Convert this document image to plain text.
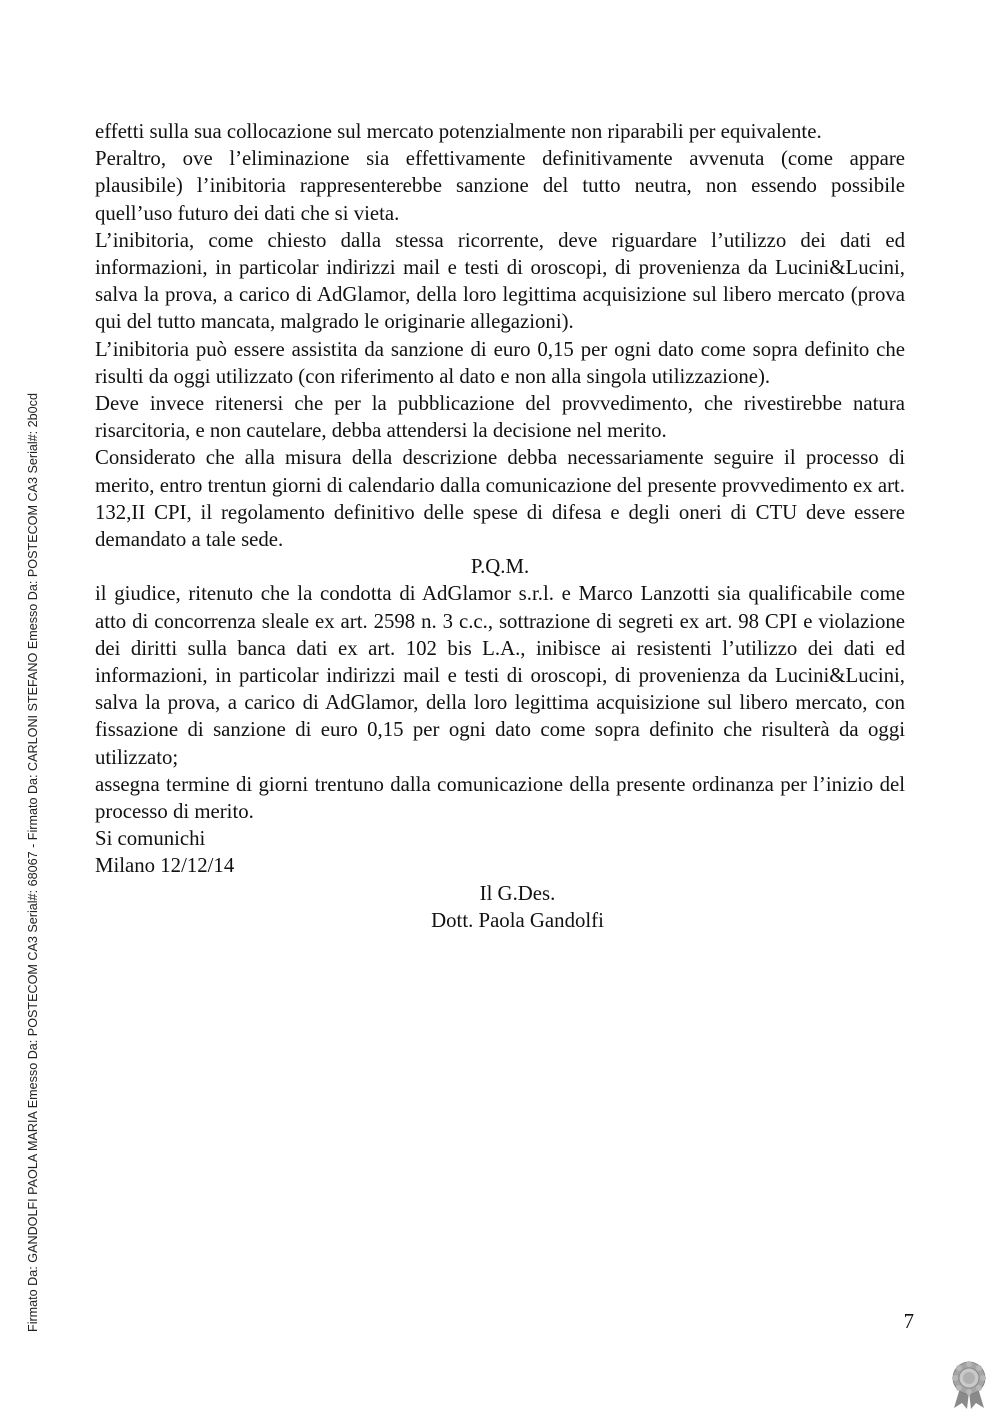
effetti sulla sua collocazione sul mercato potenzialmente non riparabili per equivalente.

Peraltro, ove l’eliminazione sia effettivamente definitivamente avvenuta (come appare plausibile) l’inibitoria rappresenterebbe sanzione del tutto neutra, non essendo possibile quell’uso futuro dei dati che si vieta.

L’inibitoria, come chiesto dalla stessa ricorrente, deve riguardare l’utilizzo dei dati ed informazioni, in particolar indirizzi mail e testi di oroscopi, di provenienza da Lucini&Lucini, salva la prova, a carico di AdGlamor, della loro legittima acquisizione sul libero mercato (prova qui del tutto mancata, malgrado le originarie allegazioni).

L’inibitoria può essere assistita da sanzione di euro 0,15 per ogni dato come sopra definito che risulti da oggi utilizzato (con riferimento al dato e non alla singola utilizzazione).

Deve invece ritenersi che per la pubblicazione del provvedimento, che rivestirebbe natura risarcitoria, e non cautelare, debba attendersi la decisione nel merito.

Considerato che alla misura della descrizione debba necessariamente seguire il processo di merito, entro trentun giorni di calendario dalla comunicazione del presente provvedimento ex art. 132,II CPI, il regolamento definitivo delle spese di difesa e degli oneri di CTU deve essere demandato a tale sede.

P.Q.M.

il giudice, ritenuto che la condotta di AdGlamor s.r.l. e Marco Lanzotti sia qualificabile come atto di concorrenza sleale ex art. 2598 n. 3 c.c., sottrazione di segreti ex art. 98 CPI e violazione dei diritti sulla banca dati ex art. 102 bis L.A., inibisce ai resistenti l’utilizzo dei dati ed informazioni, in particolar indirizzi mail e testi di oroscopi, di provenienza da Lucini&Lucini, salva la prova, a carico di AdGlamor, della loro legittima acquisizione sul libero mercato, con fissazione di sanzione di euro 0,15 per ogni dato come sopra definito che risulterà da oggi utilizzato;

assegna termine di giorni trentuno dalla comunicazione della presente ordinanza per l’inizio del processo di merito.

Si comunichi

Milano 12/12/14

Il G.Des.
Dott. Paola Gandolfi
7
Firmato Da: GANDOLFI PAOLA MARIA Emesso Da: POSTECOM CA3 Serial#: 68067 - Firmato Da: CARLONI STEFANO Emesso Da: POSTECOM CA3 Serial#: 2b0cd
